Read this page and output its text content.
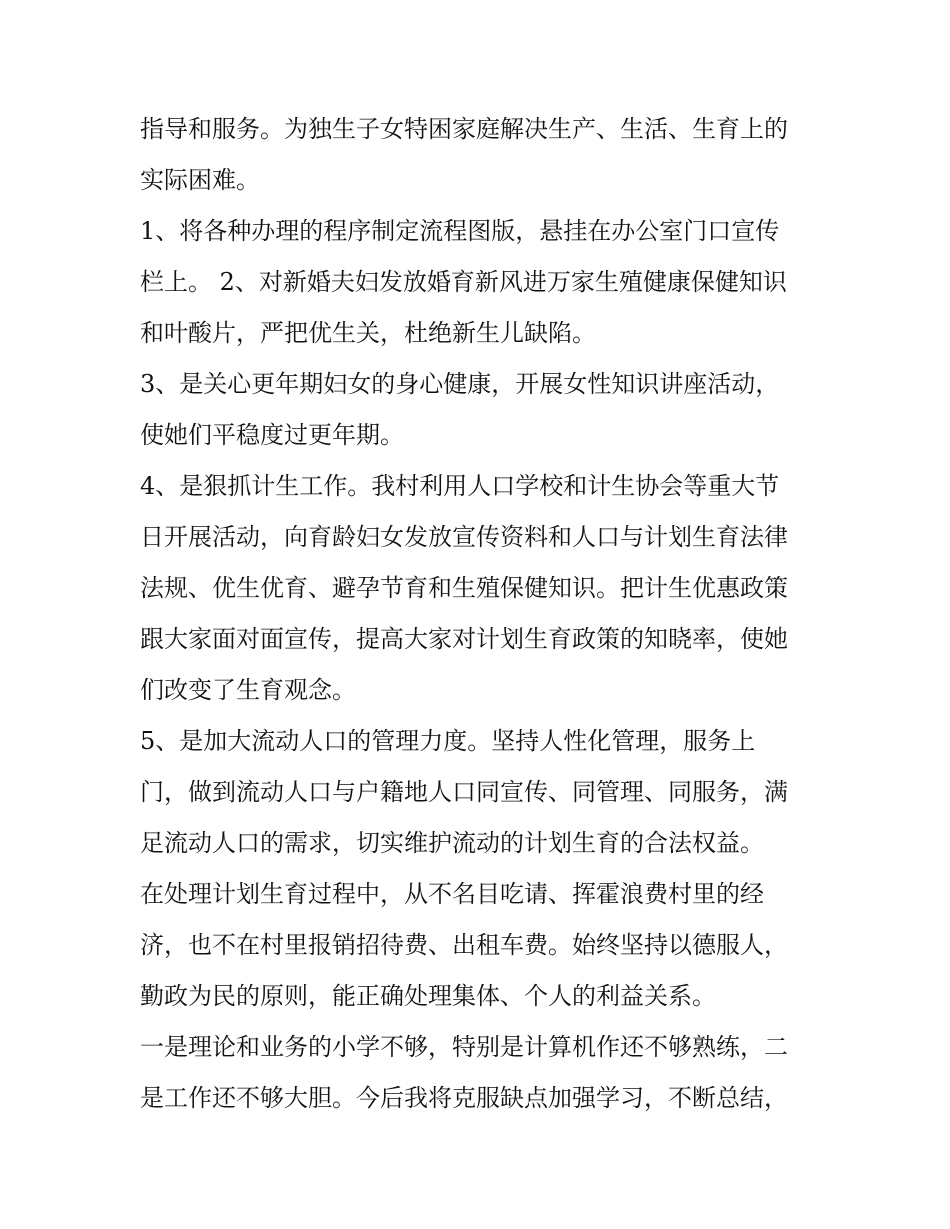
指导和服务。为独生子女特困家庭解决生产、生活、生育上的
实际困难。
1、将各种办理的程序制定流程图版，悬挂在办公室门口宣传
栏上。 2、对新婚夫妇发放婚育新风进万家生殖健康保健知识
和叶酸片，严把优生关，杜绝新生儿缺陷。
3、是关心更年期妇女的身心健康，开展女性知识讲座活动，
使她们平稳度过更年期。
4、是狠抓计生工作。我村利用人口学校和计生协会等重大节
日开展活动，向育龄妇女发放宣传资料和人口与计划生育法律
法规、优生优育、避孕节育和生殖保健知识。把计生优惠政策
跟大家面对面宣传，提高大家对计划生育政策的知晓率，使她
们改变了生育观念。
5、是加大流动人口的管理力度。坚持人性化管理，服务上
门，做到流动人口与户籍地人口同宣传、同管理、同服务，满
足流动人口的需求，切实维护流动的计划生育的合法权益。
在处理计划生育过程中，从不名目吃请、挥霍浪费村里的经
济，也不在村里报销招待费、出租车费。始终坚持以德服人，
勤政为民的原则，能正确处理集体、个人的利益关系。
一是理论和业务的小学不够，特别是计算机作还不够熟练，二
是工作还不够大胆。今后我将克服缺点加强学习，不断总结，
